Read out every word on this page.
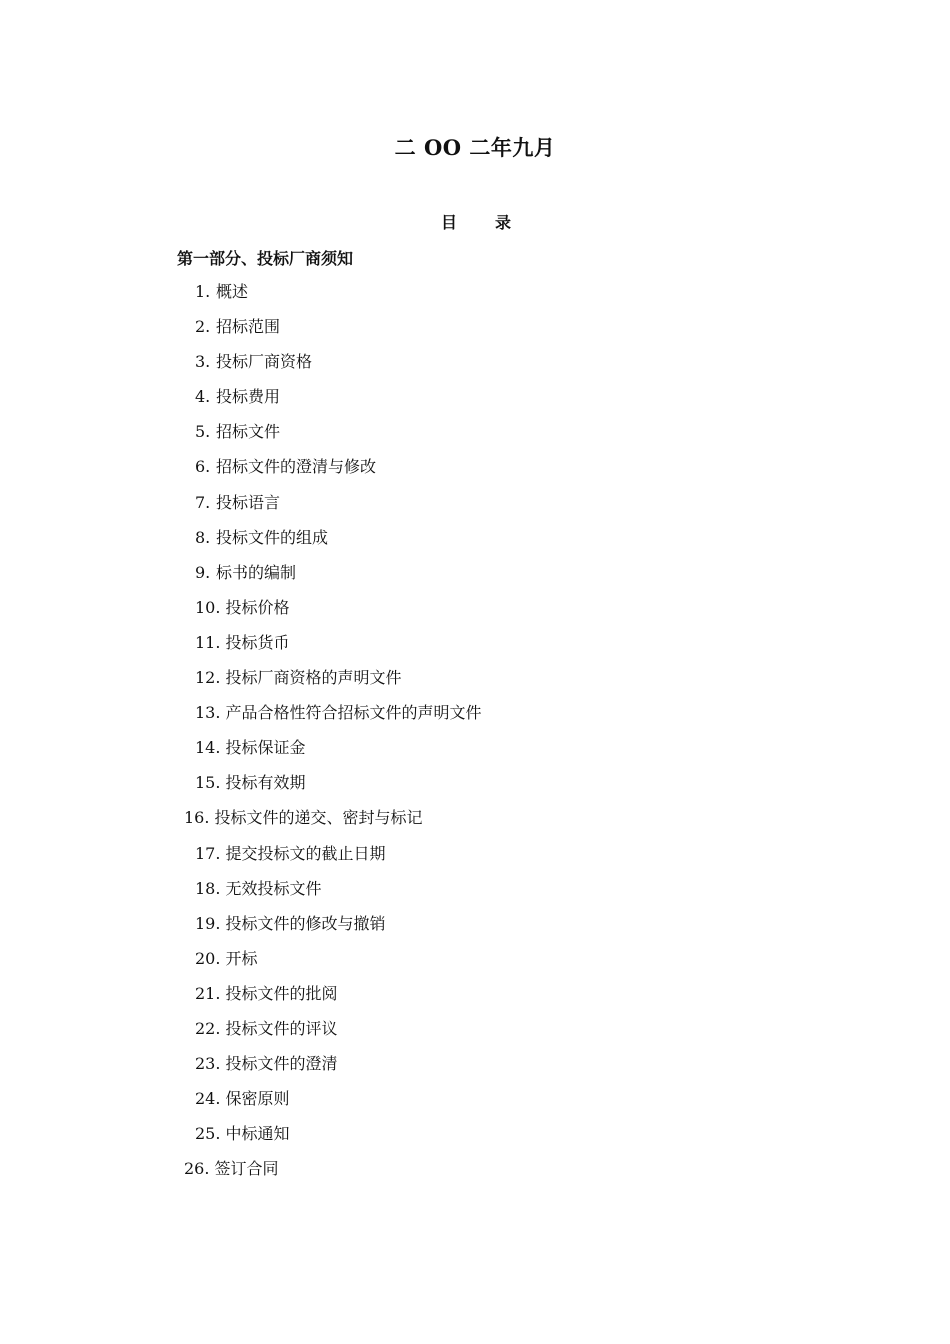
二 OO 二年九月
目 录
第一部分、投标厂商须知
1. 概述
2. 招标范围
3. 投标厂商资格
4. 投标费用
5. 招标文件
6. 招标文件的澄清与修改
7. 投标语言
8. 投标文件的组成
9. 标书的编制
10. 投标价格
11. 投标货币
12. 投标厂商资格的声明文件
13. 产品合格性符合招标文件的声明文件
14. 投标保证金
15. 投标有效期
16. 投标文件的递交、密封与标记
17. 提交投标文的截止日期
18. 无效投标文件
19. 投标文件的修改与撤销
20. 开标
21. 投标文件的批阅
22. 投标文件的评议
23. 投标文件的澄清
24. 保密原则
25. 中标通知
26. 签订合同
